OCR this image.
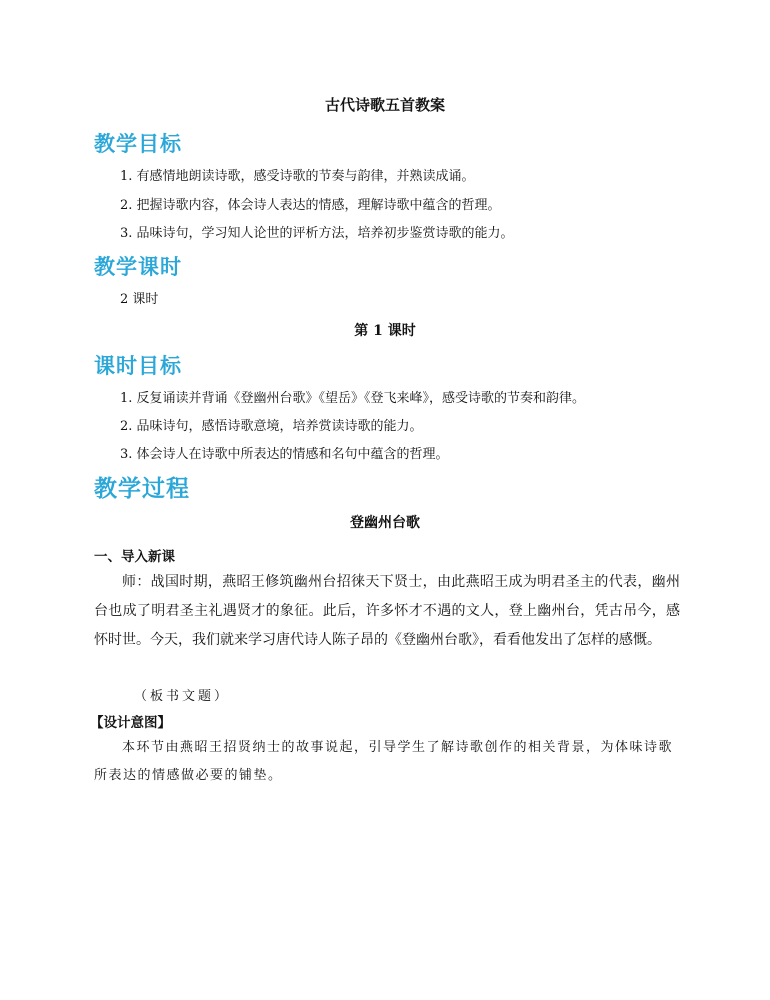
古代诗歌五首教案
教学目标
1. 有感情地朗读诗歌，感受诗歌的节奏与韵律，并熟读成诵。
2. 把握诗歌内容，体会诗人表达的情感，理解诗歌中蕴含的哲理。
3. 品味诗句，学习知人论世的评析方法，培养初步鉴赏诗歌的能力。
教学课时
2 课时
第 1 课时
课时目标
1. 反复诵读并背诵《登幽州台歌》《望岳》《登飞来峰》，感受诗歌的节奏和韵律。
2. 品味诗句，感悟诗歌意境，培养赏读诗歌的能力。
3. 体会诗人在诗歌中所表达的情感和名句中蕴含的哲理。
教学过程
登幽州台歌
一、导入新课
师：战国时期，燕昭王修筑幽州台招徕天下贤士，由此燕昭王成为明君圣主的代表，幽州台也成了明君圣主礼遇贤才的象征。此后，许多怀才不遇的文人，登上幽州台，凭古吊今，感怀时世。今天，我们就来学习唐代诗人陈子昂的《登幽州台歌》，看看他发出了怎样的感慨。
（板书文题）
【设计意图】
本环节由燕昭王招贤纳士的故事说起，引导学生了解诗歌创作的相关背景，为体味诗歌所表达的情感做必要的铺垫。
